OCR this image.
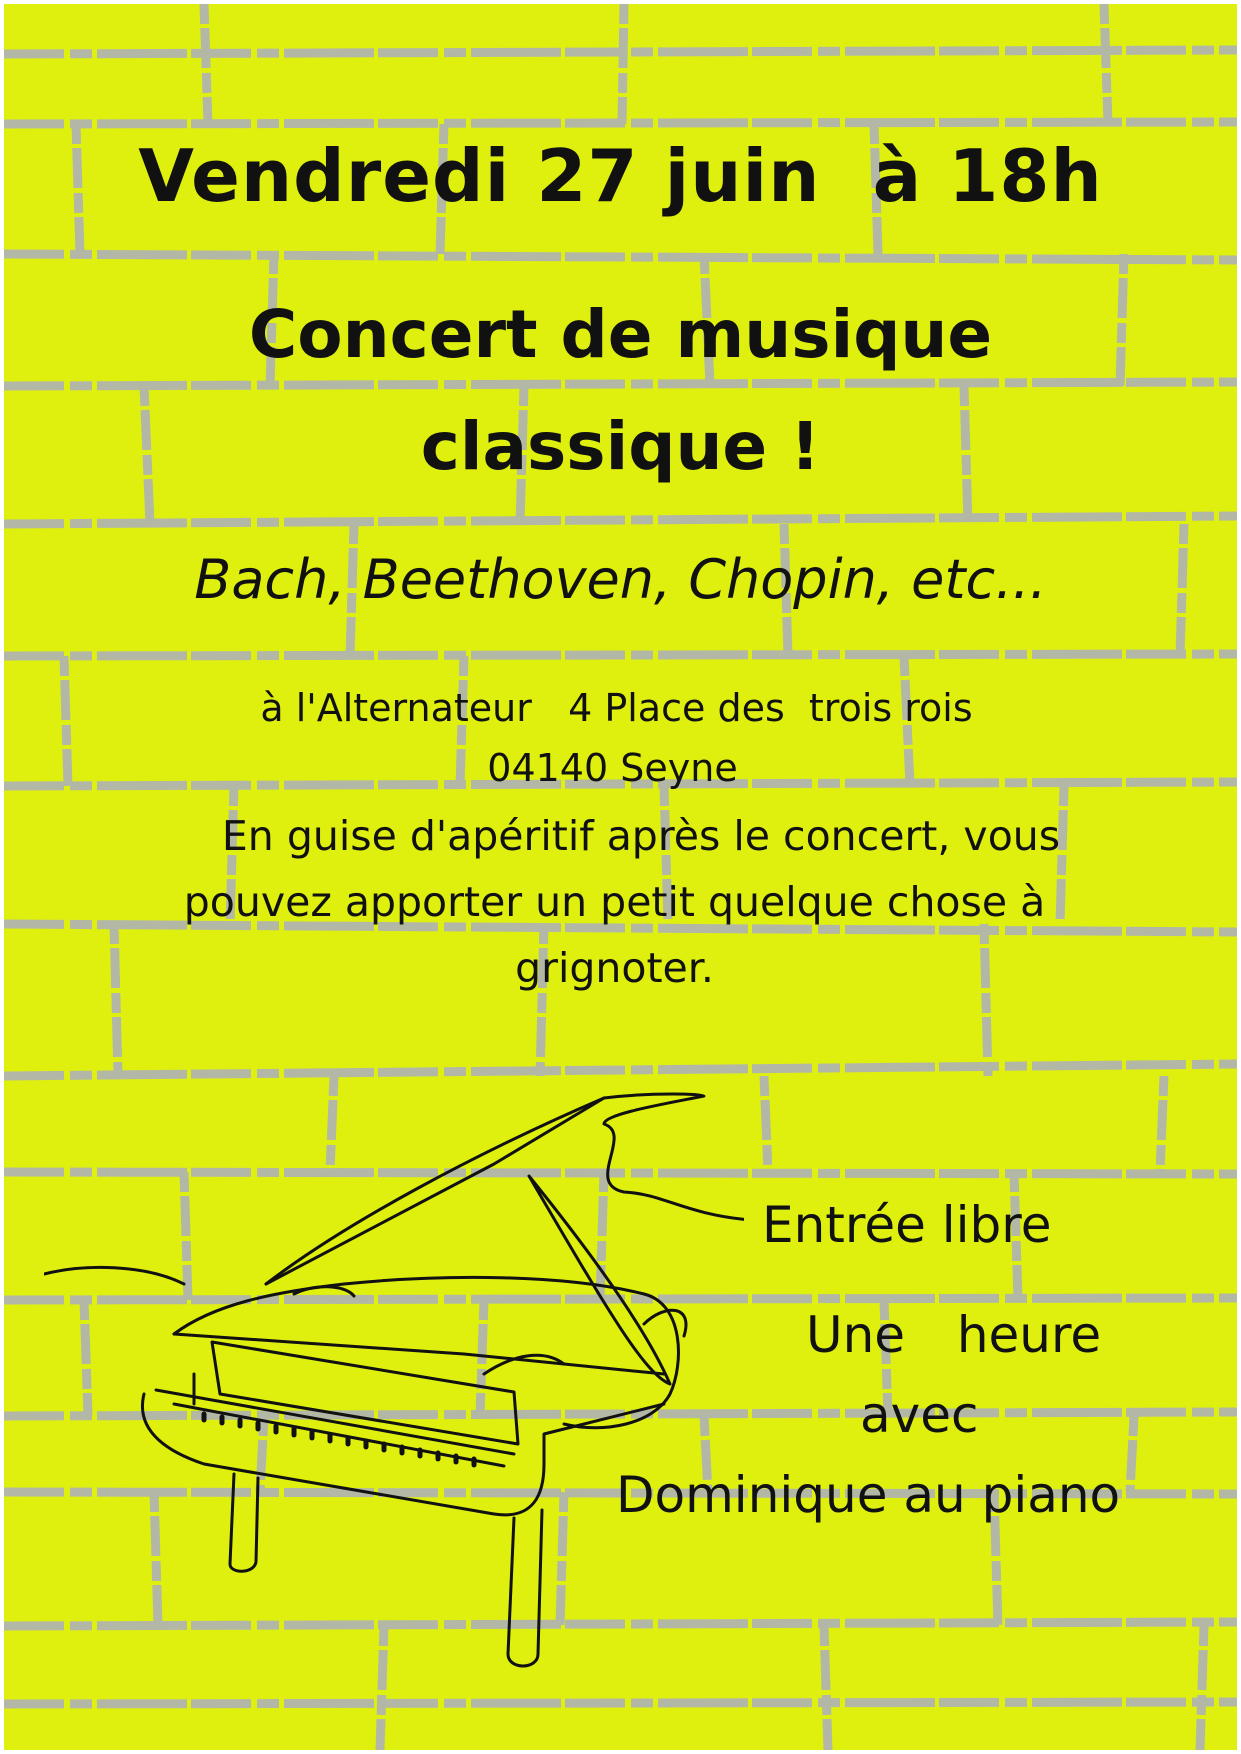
Vendredi 27 juin  à 18h
Concert de musique
classique !
Bach, Beethoven, Chopin, etc...
à l'Alternateur   4 Place des  trois rois
04140 Seyne
En guise d'apéritif après le concert, vous
pouvez apporter un petit quelque chose à
grignoter.
Entrée libre
Une  heure
avec
Dominique au piano
